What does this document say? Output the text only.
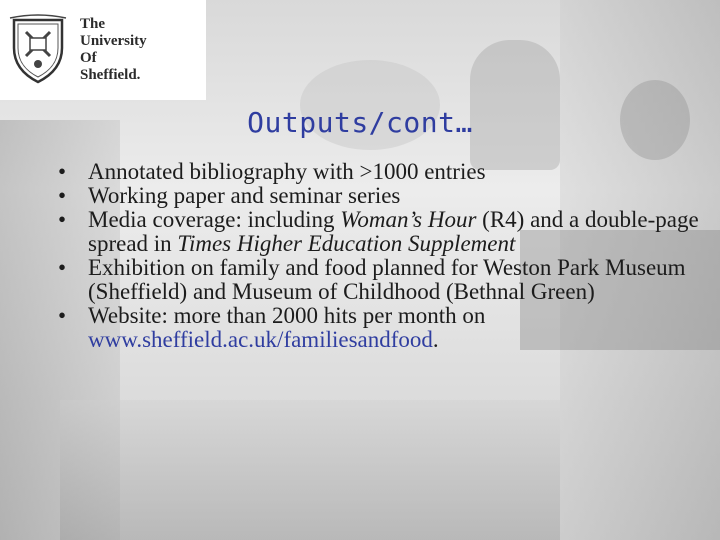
The
University
Of
Sheffield.
Outputs/cont…
• Annotated bibliography with >1000 entries
• Working paper and seminar series
• Media coverage: including Woman’s Hour (R4) and a double-page spread in Times Higher Education Supplement
• Exhibition on family and food planned for Weston Park Museum (Sheffield) and Museum of Childhood (Bethnal Green)
• Website: more than 2000 hits per month on www.sheffield.ac.uk/familiesandfood.
